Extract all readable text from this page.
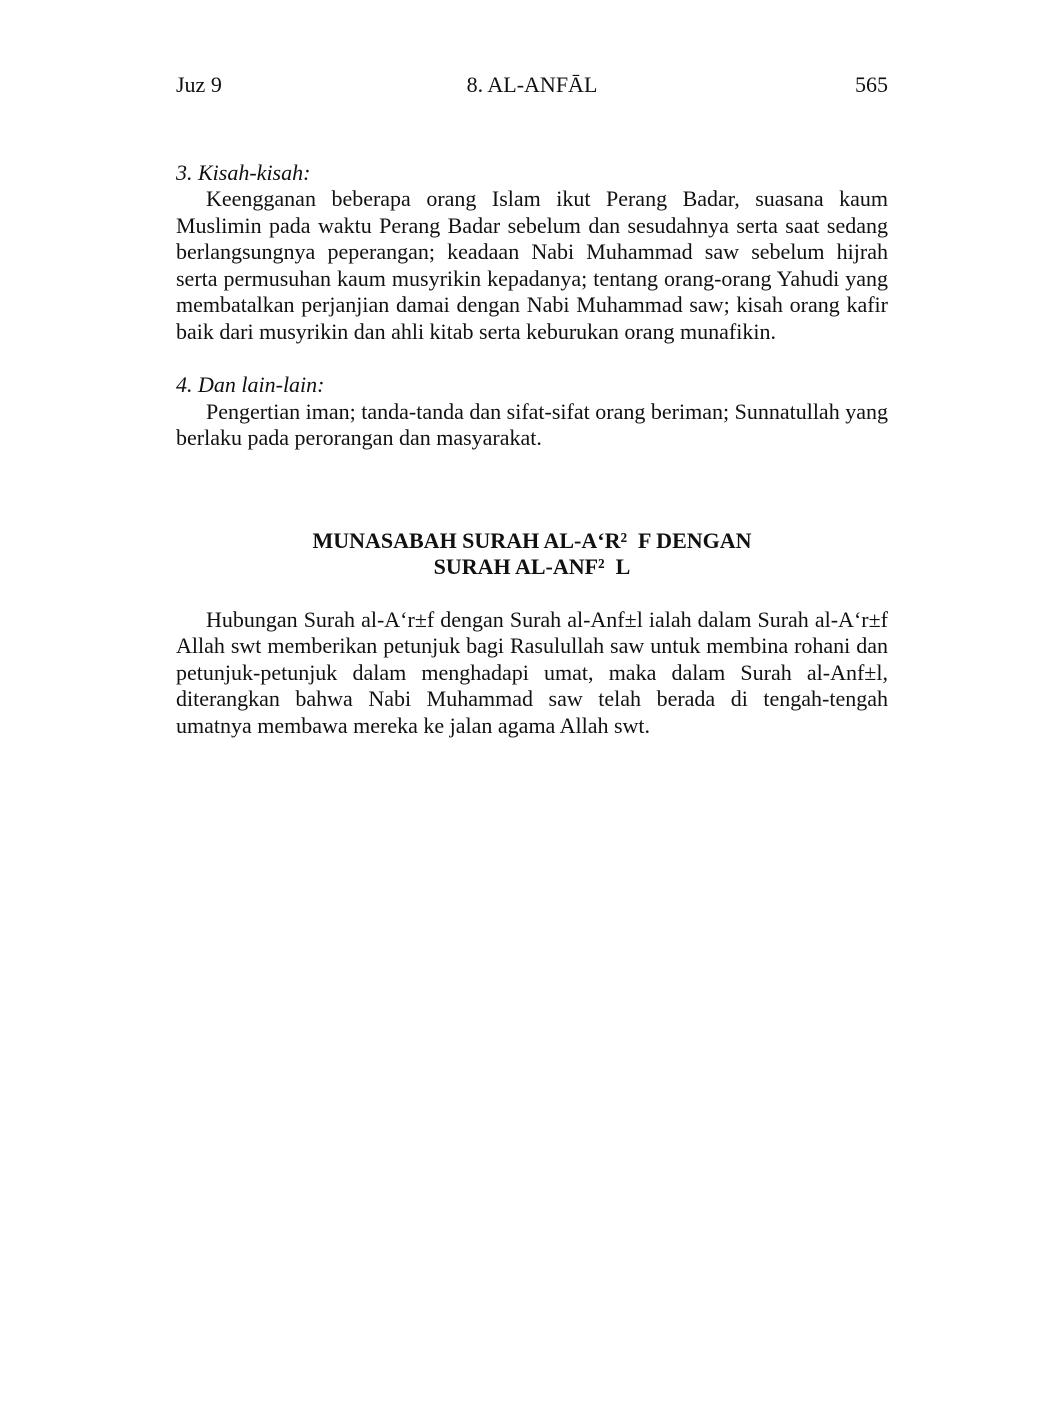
Juz 9	8. AL-ANFĀL	565

3. Kisah-kisah:

Keengganan beberapa orang Islam ikut Perang Badar, suasana kaum Muslimin pada waktu Perang Badar sebelum dan sesudahnya serta saat sedang berlangsungnya peperangan; keadaan Nabi Muhammad saw sebelum hijrah serta permusuhan kaum musyrikin kepadanya; tentang orang-orang Yahudi yang membatalkan perjanjian damai dengan Nabi Muhammad saw; kisah orang kafir baik dari musyrikin dan ahli kitab serta keburukan orang munafikin.

4. Dan lain-lain:

Pengertian iman; tanda-tanda dan sifat-sifat orang beriman; Sunnatullah yang berlaku pada perorangan dan masyarakat.

MUNASABAH SURAH AL-A‘R²  F DENGAN

SURAH AL-ANF²  L

Hubungan Surah al-A‘r±f dengan Surah al-Anf±l ialah dalam Surah al-A‘r±f Allah swt memberikan petunjuk bagi Rasulullah saw untuk membina rohani dan petunjuk-petunjuk dalam menghadapi umat, maka dalam Surah al-Anf±l, diterangkan bahwa Nabi Muhammad saw telah berada di tengah-tengah umatnya membawa mereka ke jalan agama Allah swt.
